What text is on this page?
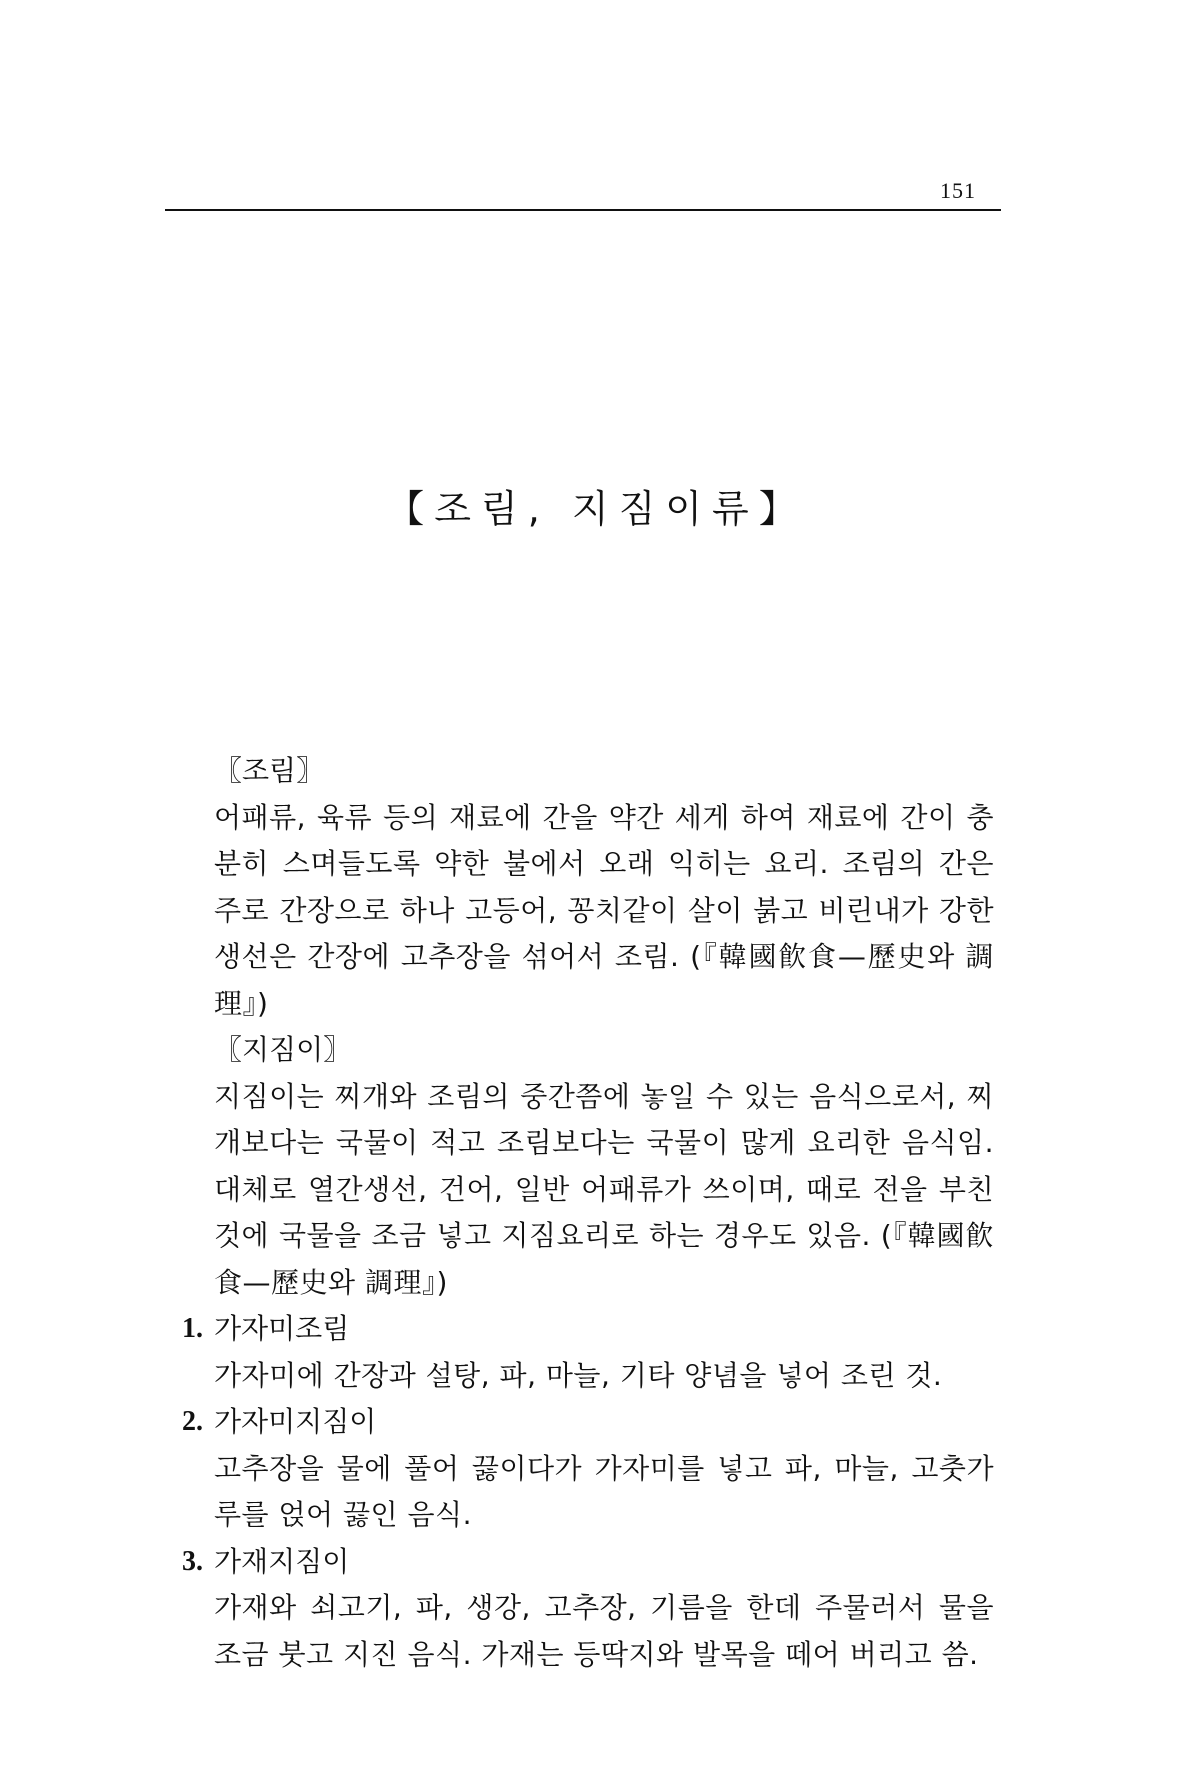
151
【조림, 지짐이류】

〖조림〗

어패류, 육류 등의 재료에 간을 약간 세게 하여 재료에 간이 충분히 스며들도록 약한 불에서 오래 익히는 요리. 조림의 간은 주로 간장으로 하나 고등어, 꽁치같이 살이 붉고 비린내가 강한 생선은 간장에 고추장을 섞어서 조림. (『韓國飮食—歷史와 調理』)

〖지짐이〗

지짐이는 찌개와 조림의 중간쯤에 놓일 수 있는 음식으로서, 찌개보다는 국물이 적고 조림보다는 국물이 많게 요리한 음식임. 대체로 열간생선, 건어, 일반 어패류가 쓰이며, 때로 전을 부친 것에 국물을 조금 넣고 지짐요리로 하는 경우도 있음. (『韓國飮食—歷史와 調理』)

1. 가자미조림

가자미에 간장과 설탕, 파, 마늘, 기타 양념을 넣어 조린 것.

2. 가자미지짐이

고추장을 물에 풀어 끓이다가 가자미를 넣고 파, 마늘, 고춧가루를 얹어 끓인 음식.

3. 가재지짐이

가재와 쇠고기, 파, 생강, 고추장, 기름을 한데 주물러서 물을 조금 붓고 지진 음식. 가재는 등딱지와 발목을 떼어 버리고 씀.
